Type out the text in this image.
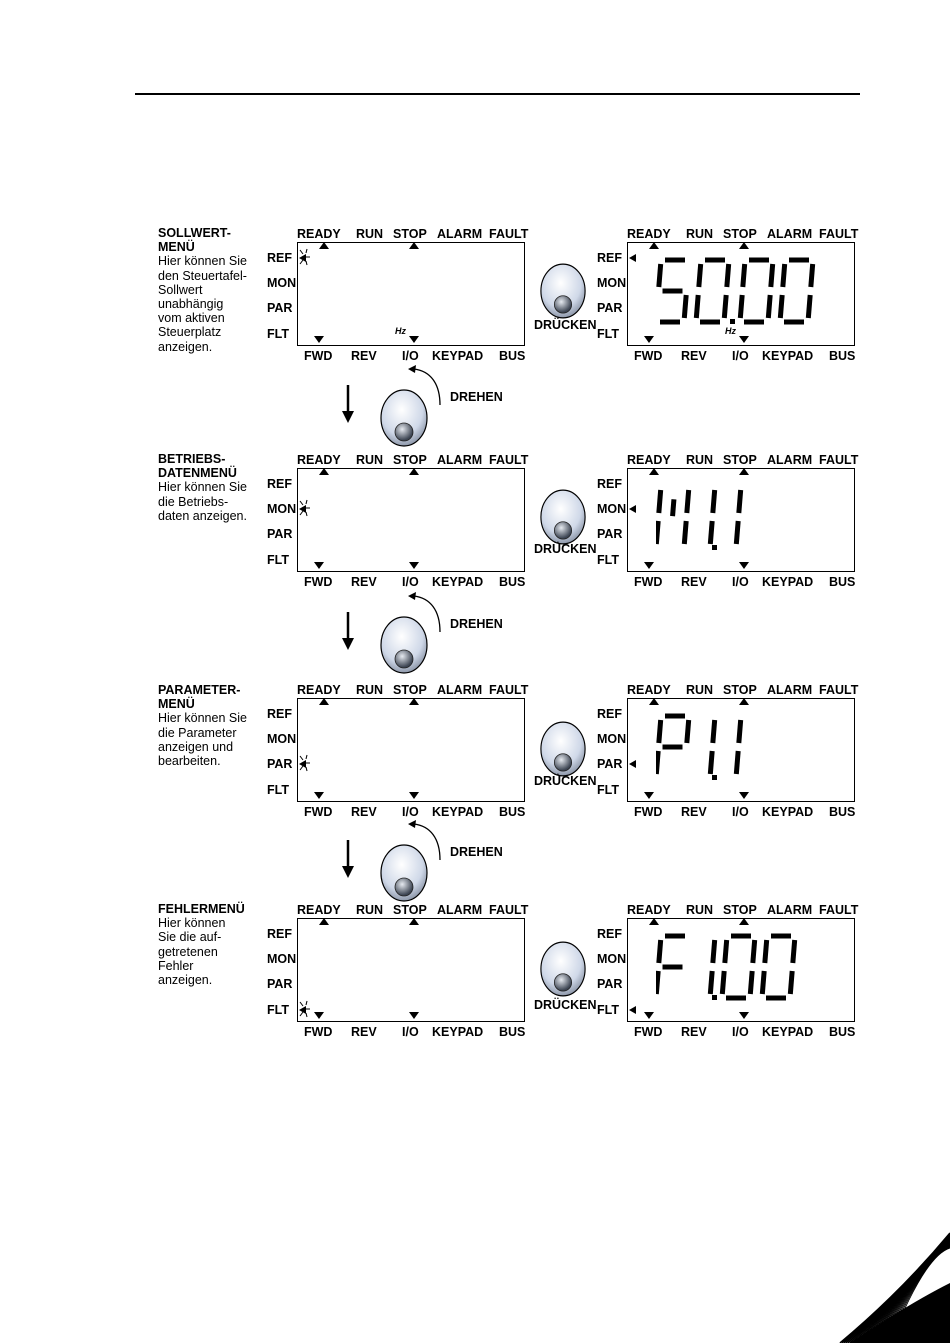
SOLLWERT-
MENÜ
Hier können Sie
den Steuertafel-
Sollwert
unabhängig
vom aktiven
Steuerplatz
anzeigen.
READY RUN STOP ALARM FAULT
REF
MON
PAR
FLT
FWD REV I/O KEYPAD BUS
Hz
READY RUN STOP ALARM FAULT
REF
MON
PAR
FLT
FWD REV I/O KEYPAD BUS
Hz
DRÜCKEN
DREHEN
BETRIEBS-
DATENMENÜ
Hier können Sie
die Betriebs-
daten anzeigen.
READY RUN STOP ALARM FAULT
REF
MON
PAR
FLT
FWD REV I/O KEYPAD BUS
READY RUN STOP ALARM FAULT
REF
MON
PAR
FLT
FWD REV I/O KEYPAD BUS
DRÜCKEN
DREHEN
PARAMETER-
MENÜ
Hier können Sie
die Parameter
anzeigen und
bearbeiten.
READY RUN STOP ALARM FAULT
REF
MON
PAR
FLT
FWD REV I/O KEYPAD BUS
READY RUN STOP ALARM FAULT
REF
MON
PAR
FLT
FWD REV I/O KEYPAD BUS
DRÜCKEN
DREHEN
FEHLERMENÜ
Hier können
Sie die auf-
getretenen
Fehler
anzeigen.
READY RUN STOP ALARM FAULT
REF
MON
PAR
FLT
FWD REV I/O KEYPAD BUS
READY RUN STOP ALARM FAULT
REF
MON
PAR
FLT
FWD REV I/O KEYPAD BUS
DRÜCKEN
